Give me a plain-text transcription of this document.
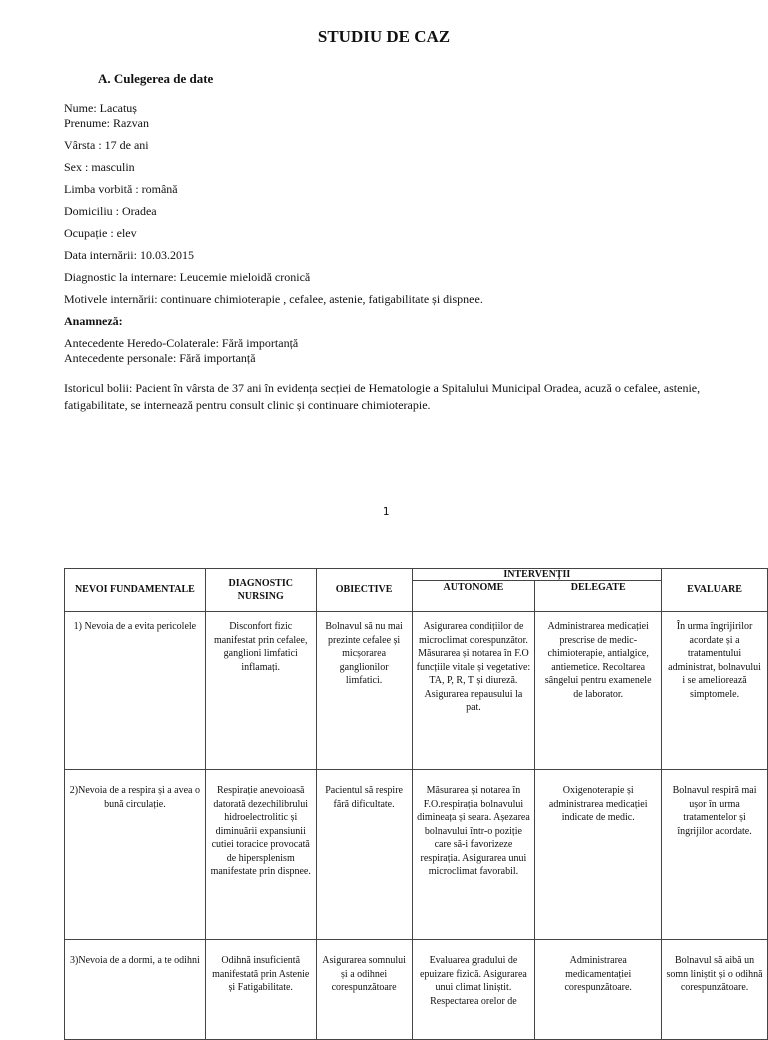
STUDIU DE CAZ
A. Culegerea de date
Nume: Lacatuș
Prenume: Razvan
Vârsta : 17 de ani
Sex : masculin
Limba vorbită : română
Domiciliu : Oradea
Ocupație : elev
Data internării: 10.03.2015
Diagnostic la internare: Leucemie mieloidă cronică
Motivele internării: continuare chimioterapie , cefalee, astenie, fatigabilitate și dispnee.
Anamneză:
Antecedente Heredo-Colaterale: Fără importanță
Antecedente personale: Fără importanță
Istoricul bolii: Pacient în vârsta de 37 ani în evidența secției de Hematologie a Spitalului Municipal Oradea, acuză o cefalee, astenie, fatigabilitate, se internează pentru consult clinic și continuare chimioterapie.
1
NEVOI FUNDAMENTALE	DIAGNOSTIC NURSING	OBIECTIVE	INTERVENȚII		EVALUARE
			AUTONOME	DELEGATE	
1) Nevoia de a evita pericolele	Disconfort fizic manifestat prin cefalee, ganglioni limfatici inflamați.	Bolnavul să nu mai prezinte cefalee și micșorarea ganglionilor limfatici.	Asigurarea condițiilor de microclimat corespunzător. Măsurarea și notarea în F.O funcțiile vitale și vegetative: TA, P, R, T și diureză. Asigurarea repausului la pat.	Administrarea medicației prescrise de medic- chimioterapie, antialgice, antiemetice. Recoltarea sângelui pentru examenele de laborator.	În urma îngrijirilor acordate și a tratamentului administrat, bolnavului i se ameliorează simptomele.
2)Nevoia de a respira și a avea o bună circulație.	Respirație anevoioasă datorată dezechilibrului hidroelectrolitic și diminuării expansiunii cutiei toracice provocată de hipersplenism manifestate prin dispnee.	Pacientul să respire fără dificultate.	Măsurarea și notarea în F.O.respirația bolnavului dimineața și seara. Așezarea bolnavului într-o poziție care să-i favorizeze respirația. Asigurarea unui microclimat favorabil.	Oxigenoterapie și administrarea medicației indicate de medic.	Bolnavul respiră mai ușor în urma tratamentelor și îngrijilor acordate.
3)Nevoia de a dormi, a te odihni	Odihnă insuficientă manifestată prin Astenie și Fatigabilitate.	Asigurarea somnului și a odihnei corespunzătoare	Evaluarea gradului de epuizare fizică. Asigurarea unui climat liniștit. Respectarea orelor de	Administrarea medicamentației corespunzătoare.	Bolnavul să aibă un somn liniștit și o odihnă corespunzătoare.
